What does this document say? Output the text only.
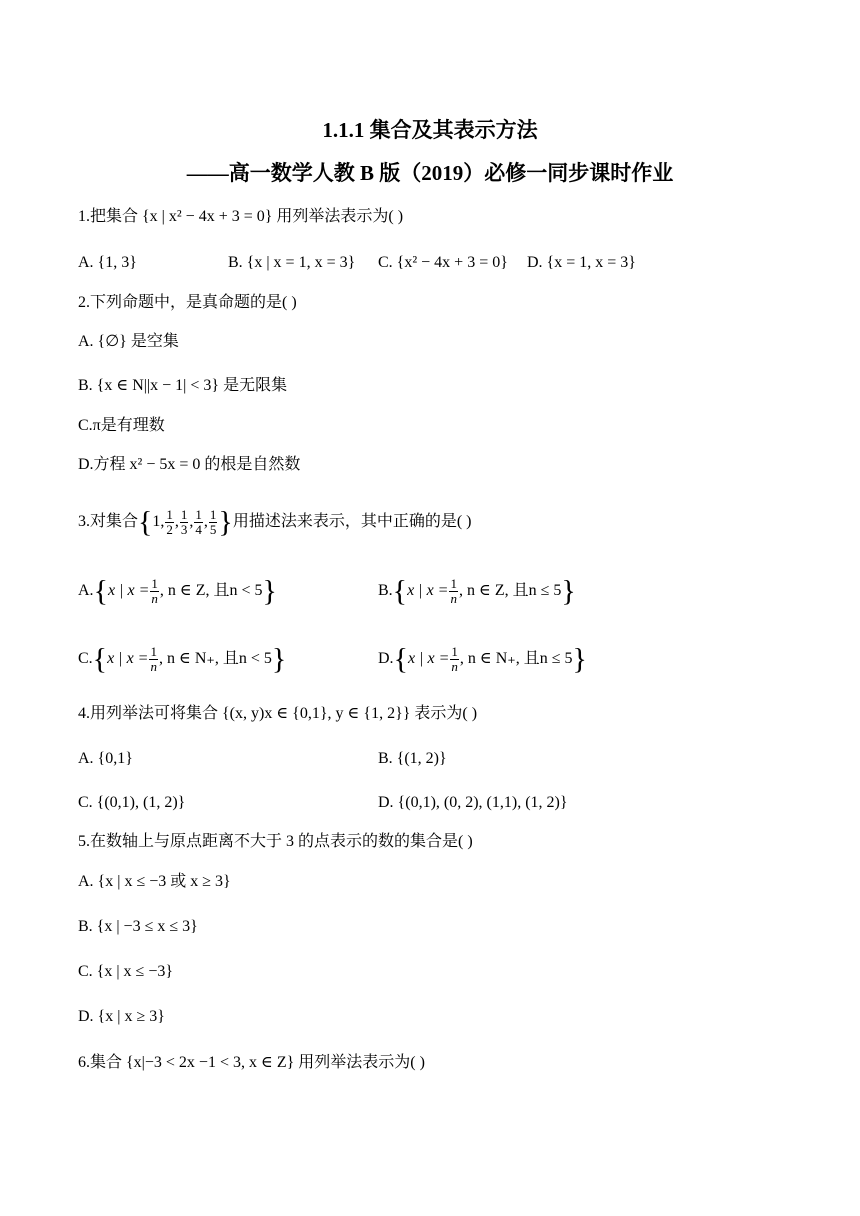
1.1.1 集合及其表示方法
——高一数学人教 B 版（2019）必修一同步课时作业
1.把集合 {x | x² − 4x + 3 = 0} 用列举法表示为( )
A. {1, 3}	B. {x | x = 1, x = 3} C. {x² − 4x + 3 = 0} D. {x = 1, x = 3}
2.下列命题中，是真命题的是( )
A. {∅} 是空集
B. {x ∈ N||x − 1| < 3} 是无限集
C.π是有理数
D.方程 x² − 5x = 0 的根是自然数
3.对集合{1, $\frac{1}{2}$ , $\frac{1}{3}$ , $\frac{1}{4}$ , $\frac{1}{5}$ }用描述法来表示，其中正确的是( )
A.{x | $x = \frac{1}{n}$ , n ∈ Z, 且n < 5}	B.{x | $x = \frac{1}{n}$ , n ∈ Z, 且n ≤ 5}
C.{x | $x = \frac{1}{n}$ , n ∈ N₊, 且n < 5}	D.{x | $x = \frac{1}{n}$ , n ∈ N₊, 且n ≤ 5}
4.用列举法可将集合 {(x, y)x ∈ {0,1}, y ∈ {1, 2}} 表示为( )
A. {0,1}	B. {(1, 2)}
C. {(0,1), (1, 2)}	D. {(0,1), (0, 2), (1,1), (1, 2)}
5.在数轴上与原点距离不大于 3 的点表示的数的集合是( )
A. {x | x ≤ −3 或 x ≥ 3}
B. {x | −3 ≤ x ≤ 3}
C. {x | x ≤ −3}
D. {x | x ≥ 3}
6.集合 {x|−3 < 2x −1 < 3, x ∈ Z} 用列举法表示为( )
